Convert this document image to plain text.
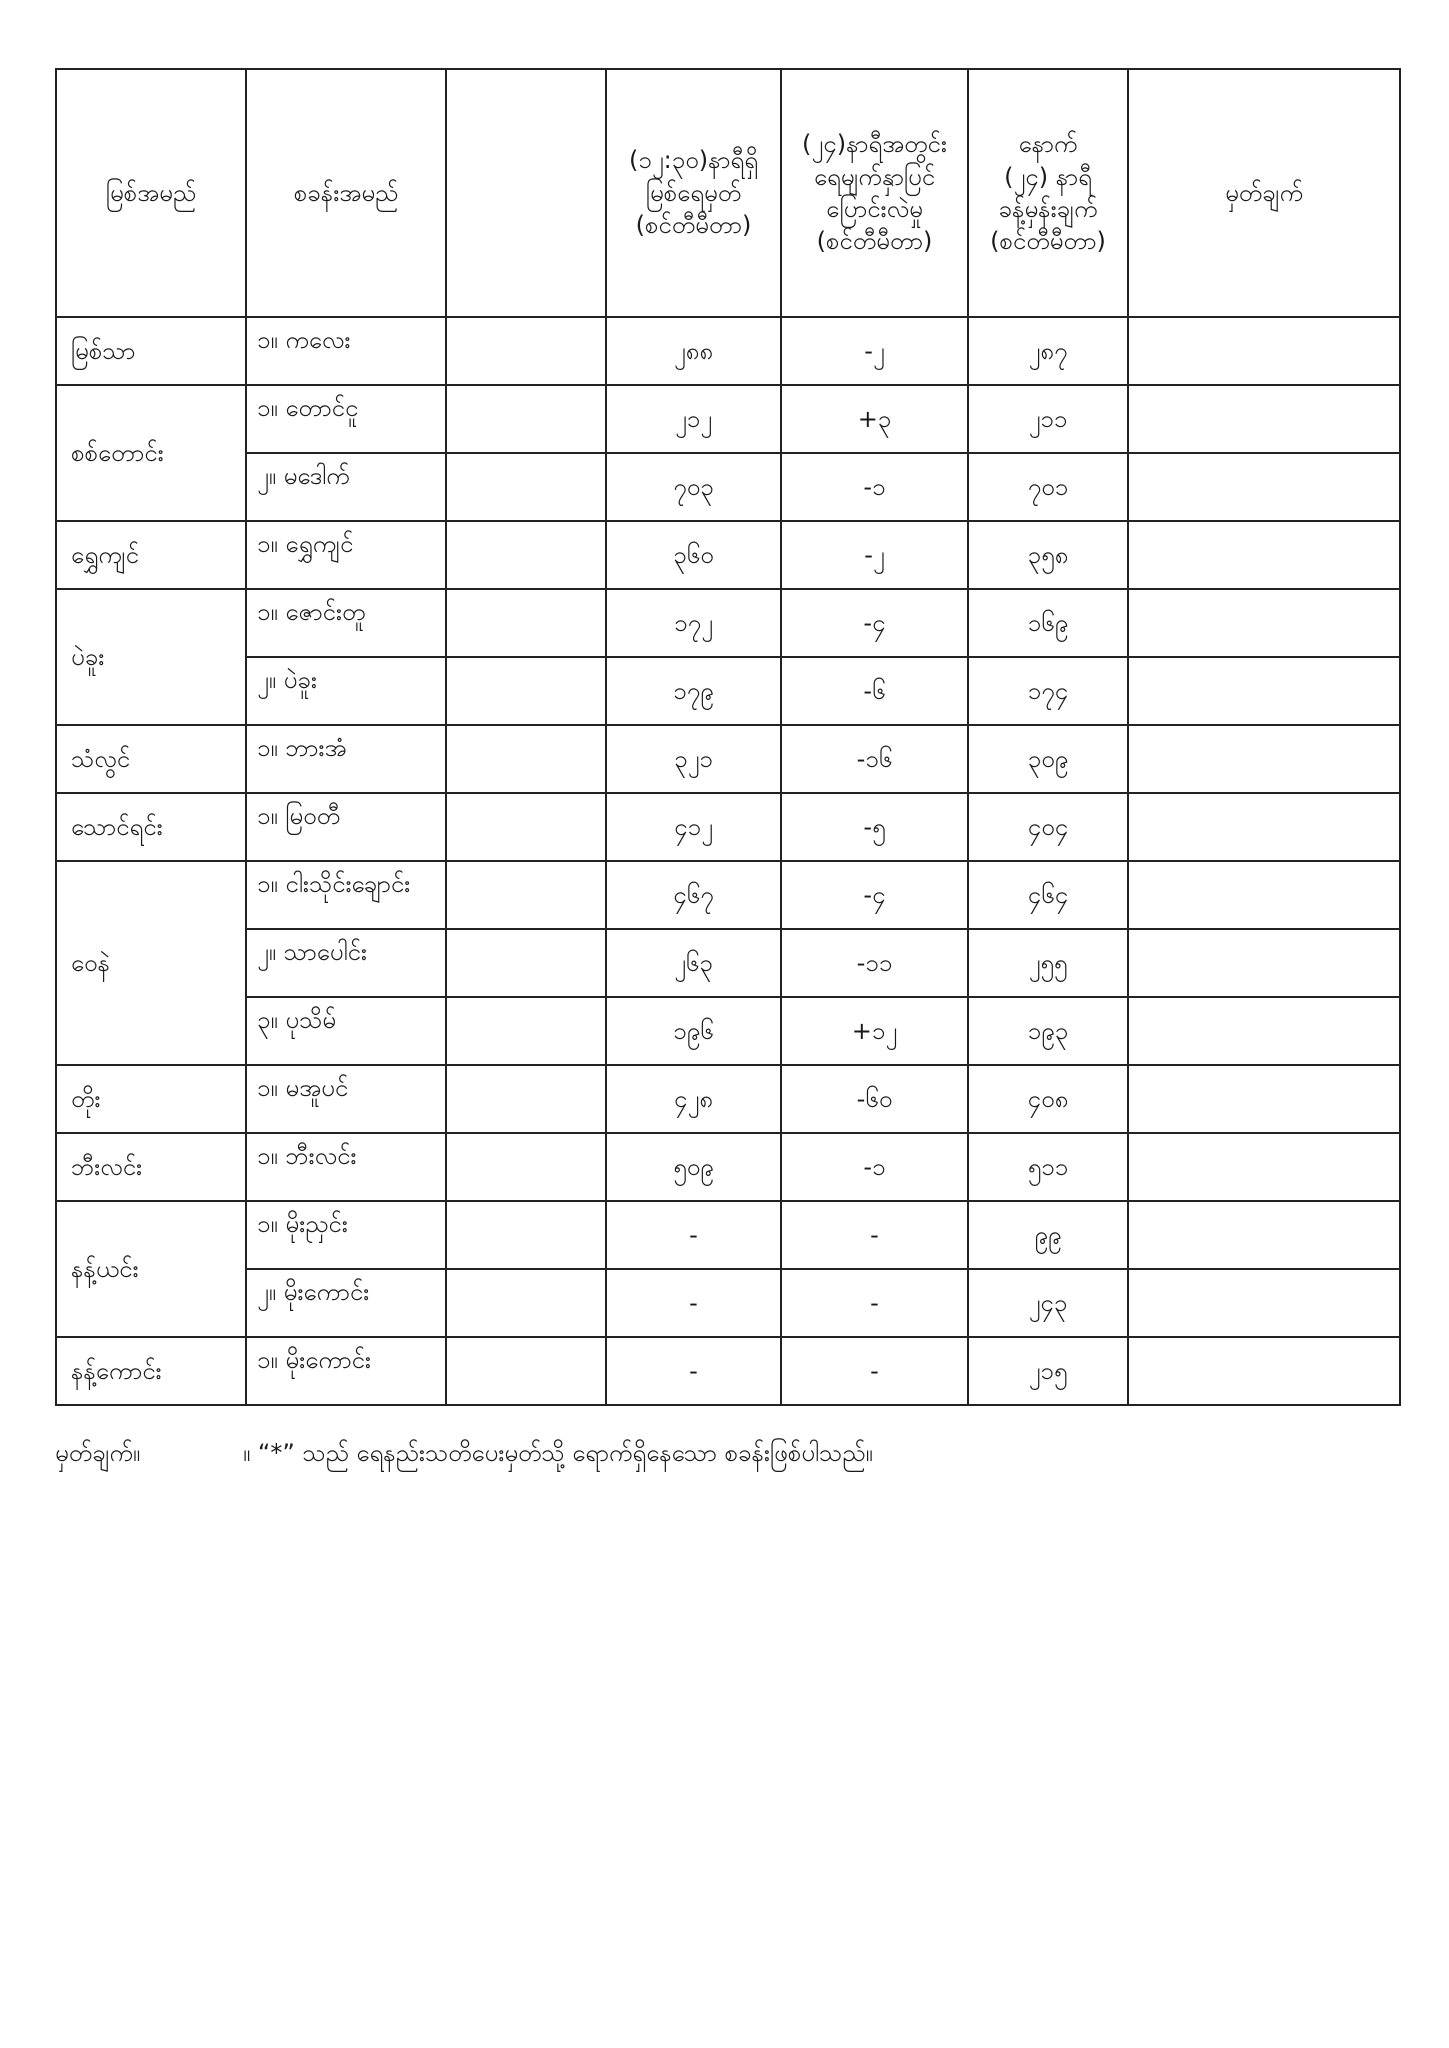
မြစ်အမည်	စခန်းအမည်		(၁၂:၃၀)နာရီရှိ
မြစ်ရေမှတ်
(စင်တီမီတာ)	(၂၄)နာရီအတွင်း
ရေမျက်နှာပြင်
ပြောင်းလဲမှု
(စင်တီမီတာ)	နောက်
(၂၄) နာရီ
ခန့်မှန်းချက်
(စင်တီမီတာ)	မှတ်ချက်

မြစ်သာ	၁။ ကလေး		၂၈၈	-၂	၂၈၇	
စစ်တောင်း	၁။ တောင်ငူ		၂၁၂	+၃	၂၁၁	

	၂။ မဒေါက်		၇၀၃	-၁	၇၀၁	
ရွှေကျင်	၁။ ရွှေကျင်		၃၆၀	-၂	၃၅၈	
ပဲခူး	၁။ ဇောင်းတူ		၁၇၂	-၄	၁၆၉	

	၂။ ပဲခူး		၁၇၉	-၆	၁၇၄	
သံလွင်	၁။ ဘားအံ		၃၂၁	-၁၆	၃၀၉	
သောင်ရင်း	၁။ မြဝတီ		၄၁၂	-၅	၄၀၄	
ဝေနဲ	၁။ ငါးသိုင်းချောင်း		၄၆၇	-၄	၄၆၄	

	၂။ သာပေါင်း		၂၆၃	-၁၁	၂၅၅	

	၃။ ပုသိမ်		၁၉၆	+၁၂	၁၉၃	
တိုး	၁။ မအူပင်		၄၂၈	-၆၀	၄၀၈	
ဘီးလင်း	၁။ ဘီးလင်း		၅၀၉	-၁	၅၁၁	
နန့်ယင်း	၁။ မိုးညှင်း		-	-	၉၉	

	၂။ မိုးကောင်း		-	-	၂၄၃	
နန့်ကောင်း	၁။ မိုးကောင်း		-	-	၂၁၅	
မှတ်ချက်။	။ “*” သည် ရေနည်းသတိပေးမှတ်သို့ ရောက်ရှိနေသော စခန်းဖြစ်ပါသည်။
